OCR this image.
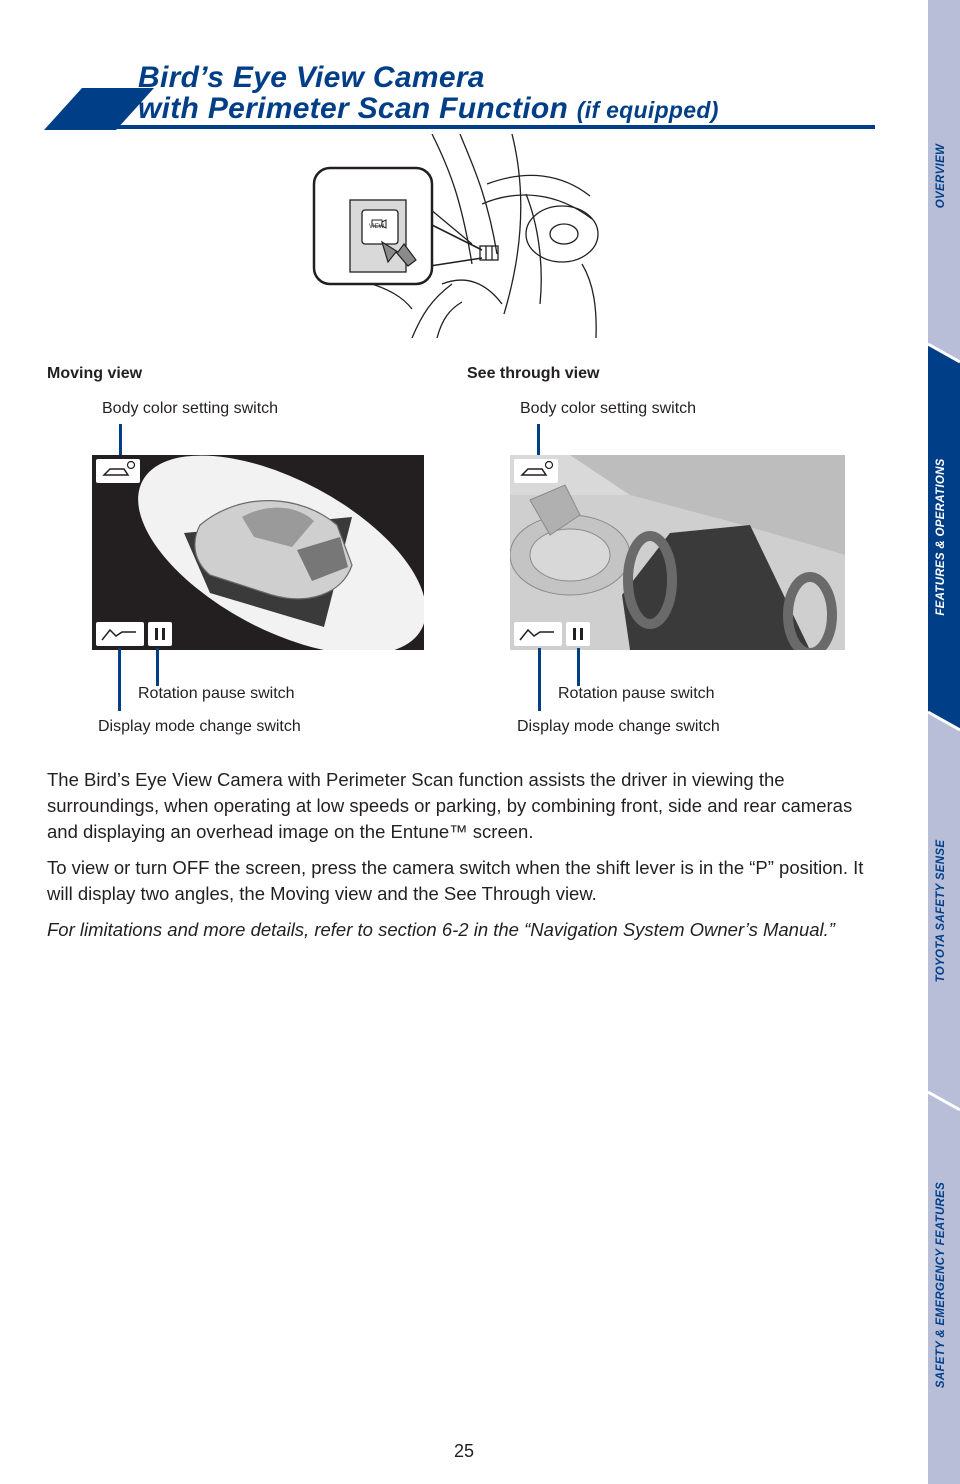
Bird’s Eye View Camera
with Perimeter Scan Function (if equipped)
OVERVIEW
FEATURES & OPERATIONS
TOYOTA SAFETY SENSE
SAFETY & EMERGENCY FEATURES
VIEW
Moving view
Body color setting switch
Rotation pause switch
Display mode change switch
See through view
Body color setting switch
Rotation pause switch
Display mode change switch

The Bird’s Eye View Camera with Perimeter Scan function assists the driver in viewing the surroundings, when operating at low speeds or parking, by combining front, side and rear cameras and displaying an overhead image on the Entune™ screen.

To view or turn OFF the screen, press the camera switch when the shift lever is in the “P” position. It will display two angles, the Moving view and the See Through view.

For limitations and more details, refer to section 6-2 in the “Navigation System Owner’s Manual.”

25
